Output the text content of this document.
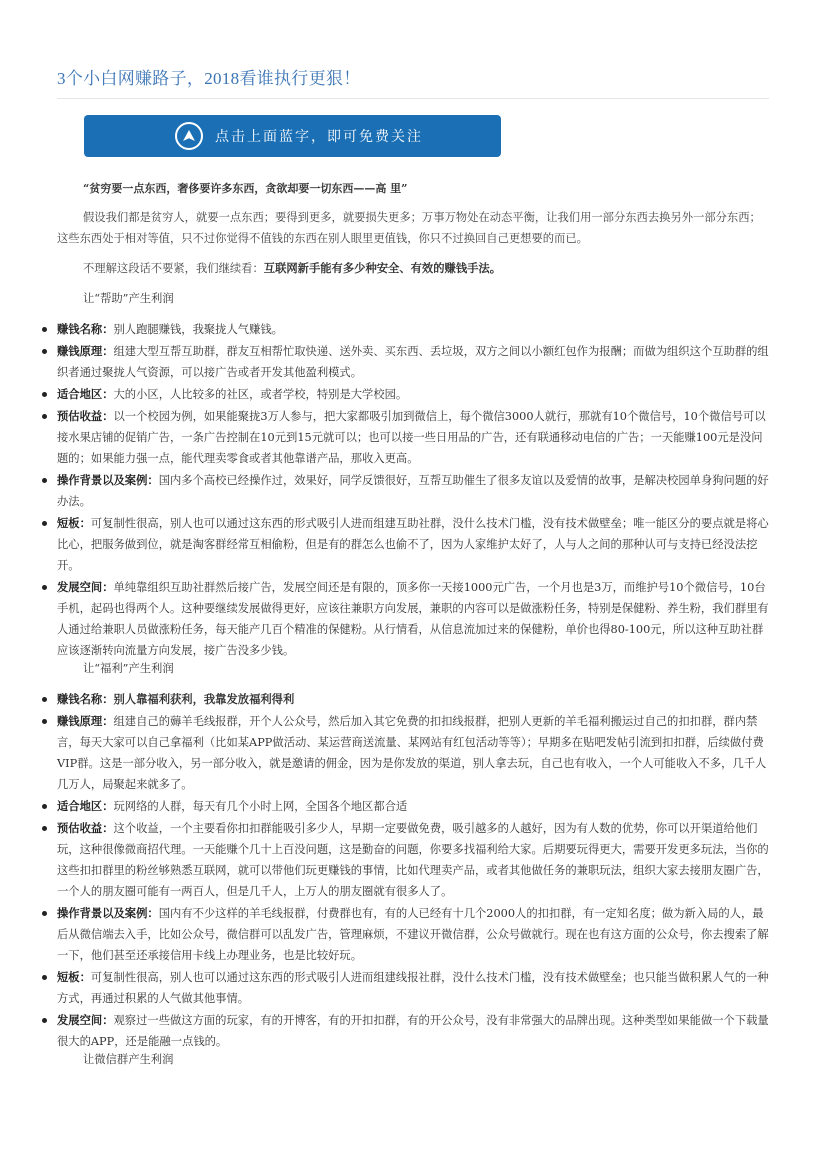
3个小白网赚路子，2018看谁执行更狠！
点击上面蓝字，即可免费关注

“贫穷要一点东西，奢侈要许多东西，贪欲却要一切东西——高 里”

假设我们都是贫穷人，就要一点东西；要得到更多，就要损失更多；万事万物处在动态平衡，让我们用一部分东西去换另外一部分东西；这些东西处于相对等值，只不过你觉得不值钱的东西在别人眼里更值钱，你只不过换回自己更想要的而已。

不理解这段话不要紧，我们继续看：互联网新手能有多少种安全、有效的赚钱手法。

让“帮助”产生利润
赚钱名称：别人跑腿赚钱，我聚拢人气赚钱。
赚钱原理：组建大型互帮互助群，群友互相帮忙取快递、送外卖、买东西、丢垃圾，双方之间以小额红包作为报酬；而做为组织这个互助群的组织者通过聚拢人气资源，可以接广告或者开发其他盈利模式。
适合地区：大的小区，人比较多的社区，或者学校，特别是大学校园。
预估收益：以一个校园为例，如果能聚拢3万人参与，把大家都吸引加到微信上，每个微信3000人就行，那就有10个微信号，10个微信号可以接水果店铺的促销广告，一条广告控制在10元到15元就可以；也可以接一些日用品的广告，还有联通移动电信的广告；一天能赚100元是没问题的；如果能力强一点，能代理卖零食或者其他靠谱产品，那收入更高。
操作背景以及案例：国内多个高校已经操作过，效果好，同学反馈很好，互帮互助催生了很多友谊以及爱情的故事，是解决校园单身狗问题的好办法。
短板：可复制性很高，别人也可以通过这东西的形式吸引人进而组建互助社群，没什么技术门槛，没有技术做壁垒；唯一能区分的要点就是将心比心，把服务做到位，就是淘客群经常互相偷粉，但是有的群怎么也偷不了，因为人家维护太好了，人与人之间的那种认可与支持已经没法挖开。
发展空间：单纯靠组织互助社群然后接广告，发展空间还是有限的，顶多你一天接1000元广告，一个月也是3万，而维护号10个微信号，10台手机，起码也得两个人。这种要继续发展做得更好，应该往兼职方向发展，兼职的内容可以是做涨粉任务，特别是保健粉、养生粉，我们群里有人通过给兼职人员做涨粉任务，每天能产几百个精准的保健粉。从行情看，从信息流加过来的保健粉，单价也得80-100元，所以这种互助社群应该逐渐转向流量方向发展，接广告没多少钱。
让“福利”产生利润
赚钱名称：别人靠福利获利，我靠发放福利得利
赚钱原理：组建自己的薅羊毛线报群，开个人公众号，然后加入其它免费的扣扣线报群，把别人更新的羊毛福利搬运过自己的扣扣群，群内禁言，每天大家可以自己拿福利（比如某APP做活动、某运营商送流量、某网站有红包活动等等）；早期多在贴吧发帖引流到扣扣群，后续做付费VIP群。这是一部分收入，另一部分收入，就是邀请的佣金，因为是你发放的渠道，别人拿去玩，自己也有收入，一个人可能收入不多，几千人几万人，局聚起来就多了。
适合地区：玩网络的人群，每天有几个小时上网，全国各个地区都合适
预估收益：这个收益，一个主要看你扣扣群能吸引多少人，早期一定要做免费，吸引越多的人越好，因为有人数的优势，你可以开渠道给他们玩，这种很像微商招代理。一天能赚个几十上百没问题，这是勤奋的问题，你要多找福利给大家。后期要玩得更大，需要开发更多玩法，当你的这些扣扣群里的粉丝够熟悉互联网，就可以带他们玩更赚钱的事情，比如代理卖产品，或者其他做任务的兼职玩法，组织大家去接朋友圈广告，一个人的朋友圈可能有一两百人，但是几千人，上万人的朋友圈就有很多人了。
操作背景以及案例：国内有不少这样的羊毛线报群，付费群也有，有的人已经有十几个2000人的扣扣群，有一定知名度；做为新入局的人，最后从微信端去入手，比如公众号，微信群可以乱发广告，管理麻烦，不建议开微信群，公众号做就行。现在也有这方面的公众号，你去搜索了解一下，他们甚至还承接信用卡线上办理业务，也是比较好玩。
短板：可复制性很高，别人也可以通过这东西的形式吸引人进而组建线报社群，没什么技术门槛，没有技术做壁垒；也只能当做积累人气的一种方式，再通过积累的人气做其他事情。
发展空间：观察过一些做这方面的玩家，有的开博客，有的开扣扣群，有的开公众号，没有非常强大的品牌出现。这种类型如果能做一个下载量很大的APP，还是能融一点钱的。
让微信群产生利润
